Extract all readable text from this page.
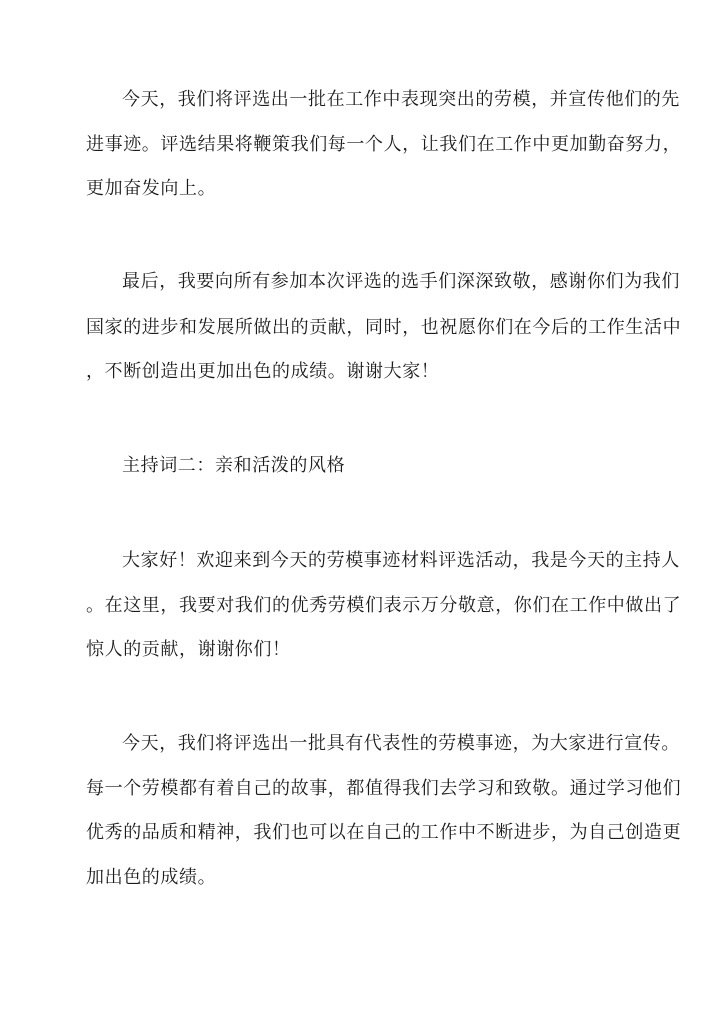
今天，我们将评选出一批在工作中表现突出的劳模，并宣传他们的先
进事迹。评选结果将鞭策我们每一个人，让我们在工作中更加勤奋努力，
更加奋发向上。
最后，我要向所有参加本次评选的选手们深深致敬，感谢你们为我们
国家的进步和发展所做出的贡献，同时，也祝愿你们在今后的工作生活中
，不断创造出更加出色的成绩。谢谢大家！
主持词二：亲和活泼的风格
大家好！欢迎来到今天的劳模事迹材料评选活动，我是今天的主持人
。在这里，我要对我们的优秀劳模们表示万分敬意，你们在工作中做出了
惊人的贡献，谢谢你们！
今天，我们将评选出一批具有代表性的劳模事迹，为大家进行宣传。
每一个劳模都有着自己的故事，都值得我们去学习和致敬。通过学习他们
优秀的品质和精神，我们也可以在自己的工作中不断进步，为自己创造更
加出色的成绩。
